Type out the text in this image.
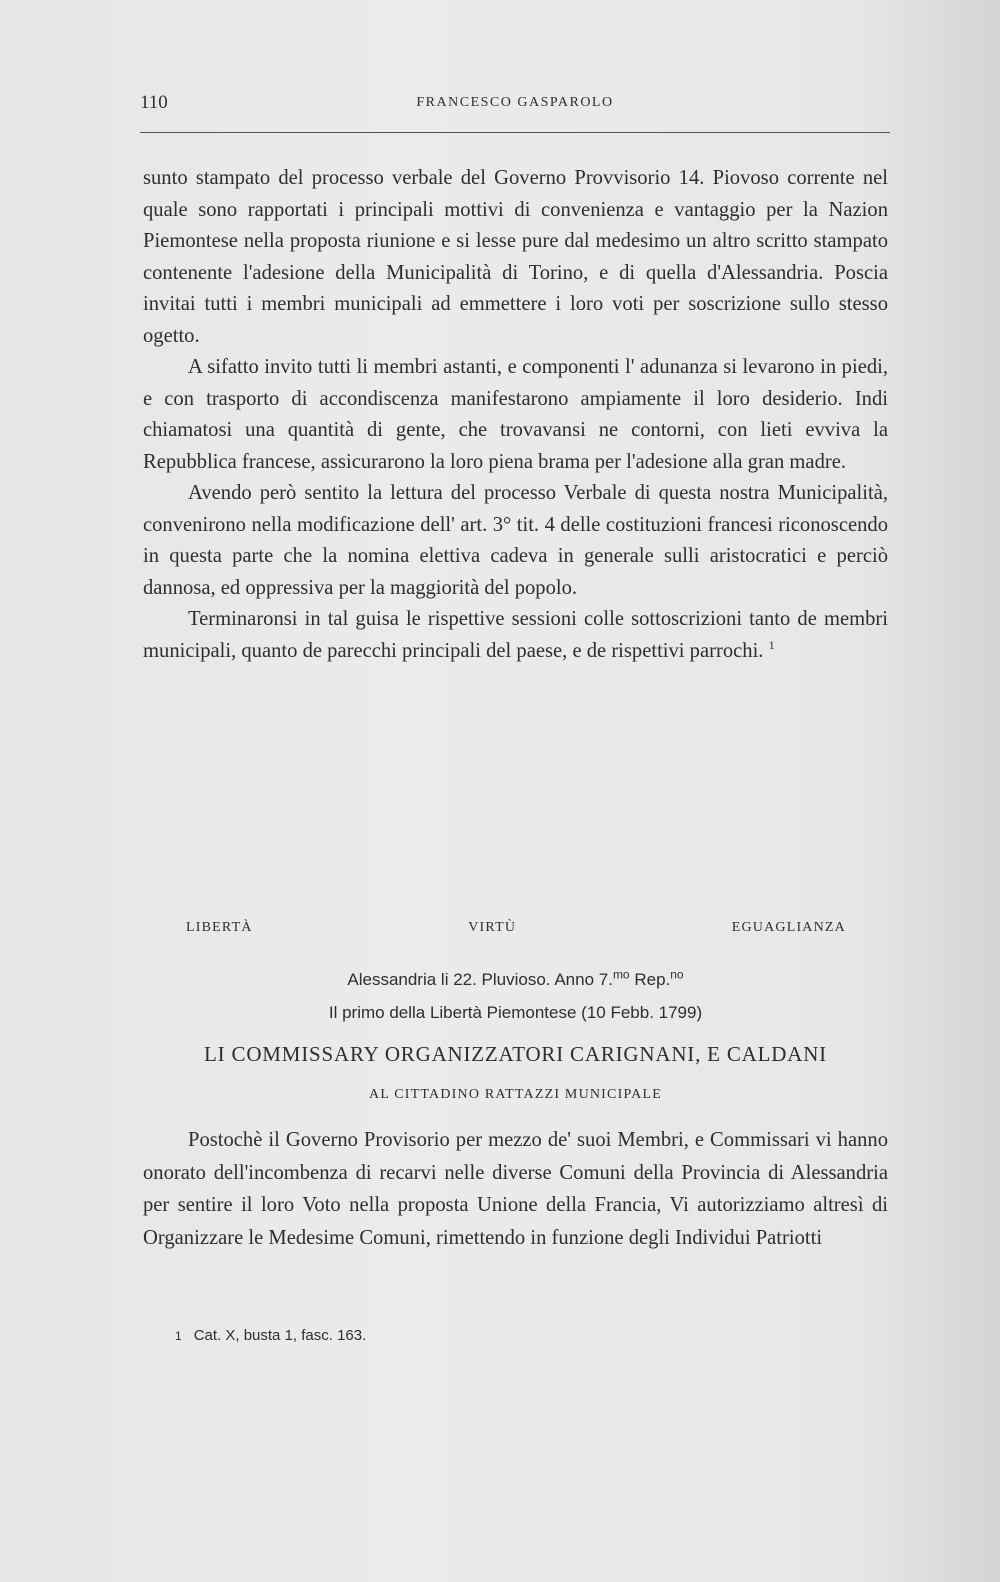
110	FRANCESCO GASPAROLO

sunto stampato del processo verbale del Governo Provvisorio 14. Piovoso corrente nel quale sono rapportati i principali mottivi di convenienza e vantaggio per la Nazion Piemontese nella proposta riunione e si lesse pure dal medesimo un altro scritto stampato contenente l'adesione della Municipalità di Torino, e di quella d'Alessandria. Poscia invitai tutti i membri municipali ad emmettere i loro voti per soscrizione sullo stesso ogetto.

A sifatto invito tutti li membri astanti, e componenti l' adunanza si levarono in piedi, e con trasporto di accondiscenza manifestarono ampiamente il loro desiderio. Indi chiamatosi una quantità di gente, che trovavansi ne contorni, con lieti evviva la Repubblica francese, assicurarono la loro piena brama per l'adesione alla gran madre.

Avendo però sentito la lettura del processo Verbale di questa nostra Municipalità, convenirono nella modificazione dell' art. 3° tit. 4 delle costituzioni francesi riconoscendo in questa parte che la nomina elettiva cadeva in generale sulli aristocratici e perciò dannosa, ed oppressiva per la maggiorità del popolo.

Terminaronsi in tal guisa le rispettive sessioni colle sottoscrizioni tanto de membri municipali, quanto de parecchi principali del paese, e de rispettivi parrochi. $^1$

LIBERTÀ	VIRTÙ	EGUAGLIANZA
Alessandria li 22. Pluvioso. Anno 7.$^{mo}$ Rep.$^{no}$
Il primo della Libertà Piemontese (10 Febb. 1799)
LI COMMISSARY ORGANIZZATORI CARIGNANI, E CALDANI
AL CITTADINO RATTAZZI MUNICIPALE

Postochè il Governo Provisorio per mezzo de' suoi Membri, e Commissari vi hanno onorato dell'incombenza di recarvi nelle diverse Comuni della Provincia di Alessandria per sentire il loro Voto nella proposta Unione della Francia, Vi autorizziamo altresì di Organizzare le Medesime Comuni, rimettendo in funzione degli Individui Patriotti

1 Cat. X, busta 1, fasc. 163.
